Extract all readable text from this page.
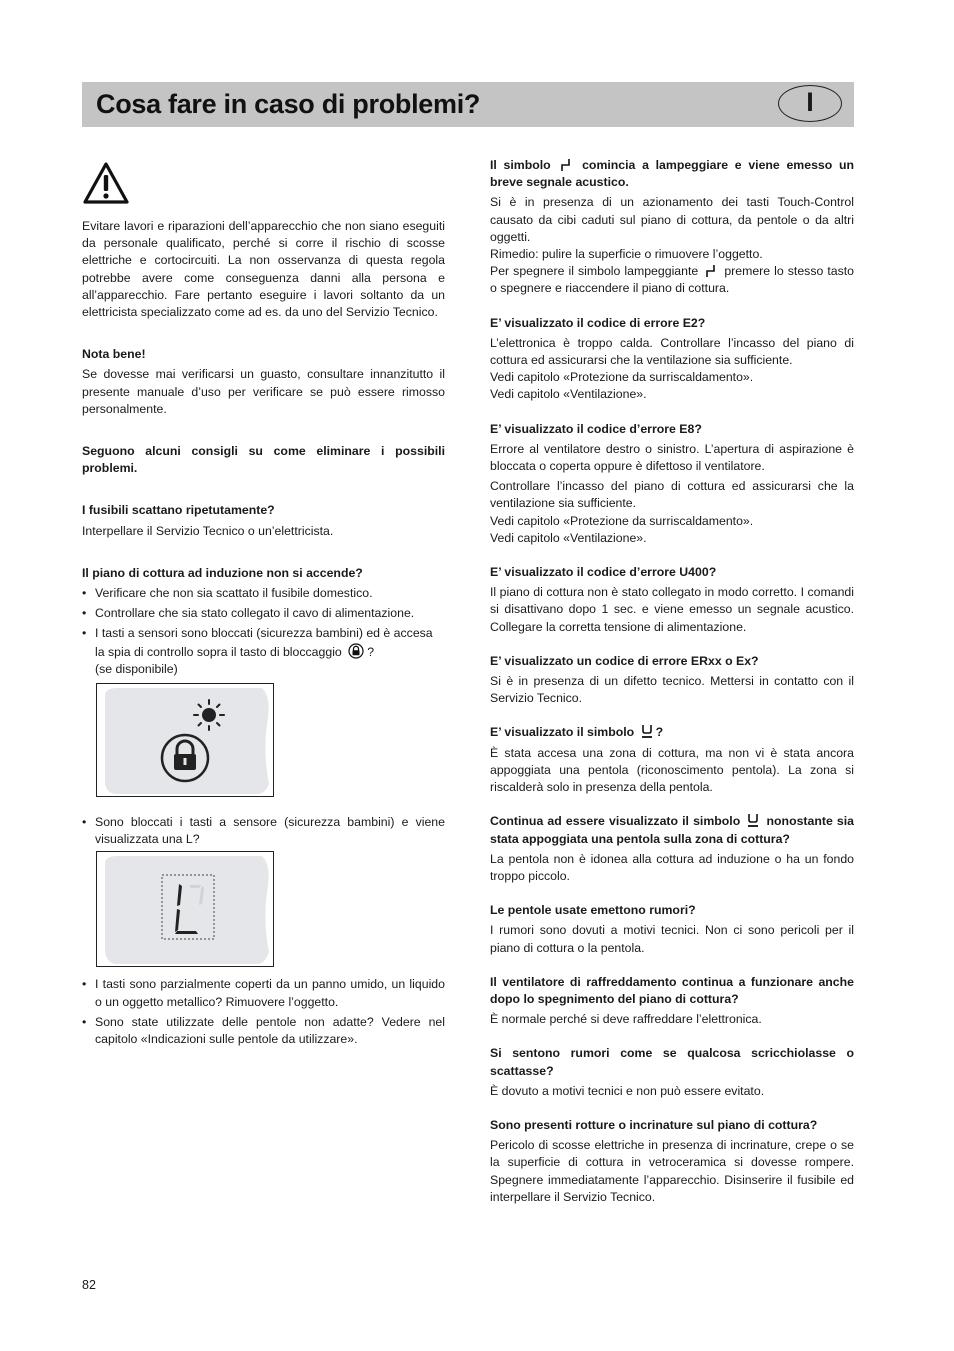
Cosa fare in caso di problemi?	I

Evitare lavori e riparazioni dell’apparecchio che non siano eseguiti da personale qualificato, perché si corre il rischio di scosse elettriche e cortocircuiti. La non osservanza di questa regola potrebbe avere come conseguenza danni alla persona e all’apparecchio. Fare pertanto eseguire i lavori soltanto da un elettricista specializzato come ad es. da uno del Servizio Tecnico.

Nota bene!

Se dovesse mai verificarsi un guasto, consultare innanzitutto il presente manuale d’uso per verificare se può essere rimosso personalmente.

Seguono alcuni consigli su come eliminare i possibili problemi.

I fusibili scattano ripetutamente?

Interpellare il Servizio Tecnico o un’elettricista.

Il piano di cottura ad induzione non si accende?

• Verificare che non sia scattato il fusibile domestico.
• Controllare che sia stato collegato il cavo di alimentazione.
• I tasti a sensori sono bloccati (sicurezza bambini) ed è accesa la spia di controllo sopra il tasto di bloccaggio ?
(se disponibile)
• Sono bloccati i tasti a sensore (sicurezza bambini) e viene visualizzata una L?
• I tasti sono parzialmente coperti da un panno umido, un liquido o un oggetto metallico? Rimuovere l’oggetto.
• Sono state utilizzate delle pentole non adatte? Vedere nel capitolo «Indicazioni sulle pentole da utilizzare».

Il simbolo	comincia a lampeggiare e viene emesso un breve segnale acustico.

Si è in presenza di un azionamento dei tasti Touch-Control causato da cibi caduti sul piano di cottura, da pentole o da altri oggetti.

Rimedio: pulire la superficie o rimuovere l’oggetto.

Per spegnere il simbolo lampeggiante premere lo stesso tasto o spegnere e riaccendere il piano di cottura.

E’ visualizzato il codice di errore E2?

L’elettronica è troppo calda. Controllare l’incasso del piano di cottura ed assicurarsi che la ventilazione sia sufficiente.

Vedi capitolo «Protezione da surriscaldamento».

Vedi capitolo «Ventilazione».

E’ visualizzato il codice d’errore E8?

Errore al ventilatore destro o sinistro. L’apertura di aspirazione è bloccata o coperta oppure è difettoso il ventilatore.

Controllare l’incasso del piano di cottura ed assicurarsi che la ventilazione sia sufficiente.

Vedi capitolo «Protezione da surriscaldamento».

Vedi capitolo «Ventilazione».

E’ visualizzato il codice d’errore U400?

Il piano di cottura non è stato collegato in modo corretto. I comandi si disattivano dopo 1 sec. e viene emesso un segnale acustico. Collegare la corretta tensione di alimentazione.

E’ visualizzato un codice di errore ERxx o Ex?

Si è in presenza di un difetto tecnico. Mettersi in contatto con il Servizio Tecnico.

E’ visualizzato il simbolo ?

È stata accesa una zona di cottura, ma non vi è stata ancora appoggiata una pentola (riconoscimento pentola). La zona si riscalderà solo in presenza della pentola.

Continua ad essere visualizzato il simbolo nonostante sia stata appoggiata una pentola sulla zona di cottura?

La pentola non è idonea alla cottura ad induzione o ha un fondo troppo piccolo.

Le pentole usate emettono rumori?

I rumori sono dovuti a motivi tecnici. Non ci sono pericoli per il piano di cottura o la pentola.

Il ventilatore di raffreddamento continua a funzionare anche dopo lo spegnimento del piano di cottura?

È normale perché si deve raffreddare l’elettronica.

Si sentono rumori come se qualcosa scricchiolasse o scattasse?

È dovuto a motivi tecnici e non può essere evitato.

Sono presenti rotture o incrinature sul piano di cottura?

Pericolo di scosse elettriche in presenza di incrinature, crepe o se la superficie di cottura in vetroceramica si dovesse rompere. Spegnere immediatamente l’apparecchio. Disinserire il fusibile ed interpellare il Servizio Tecnico.

82
